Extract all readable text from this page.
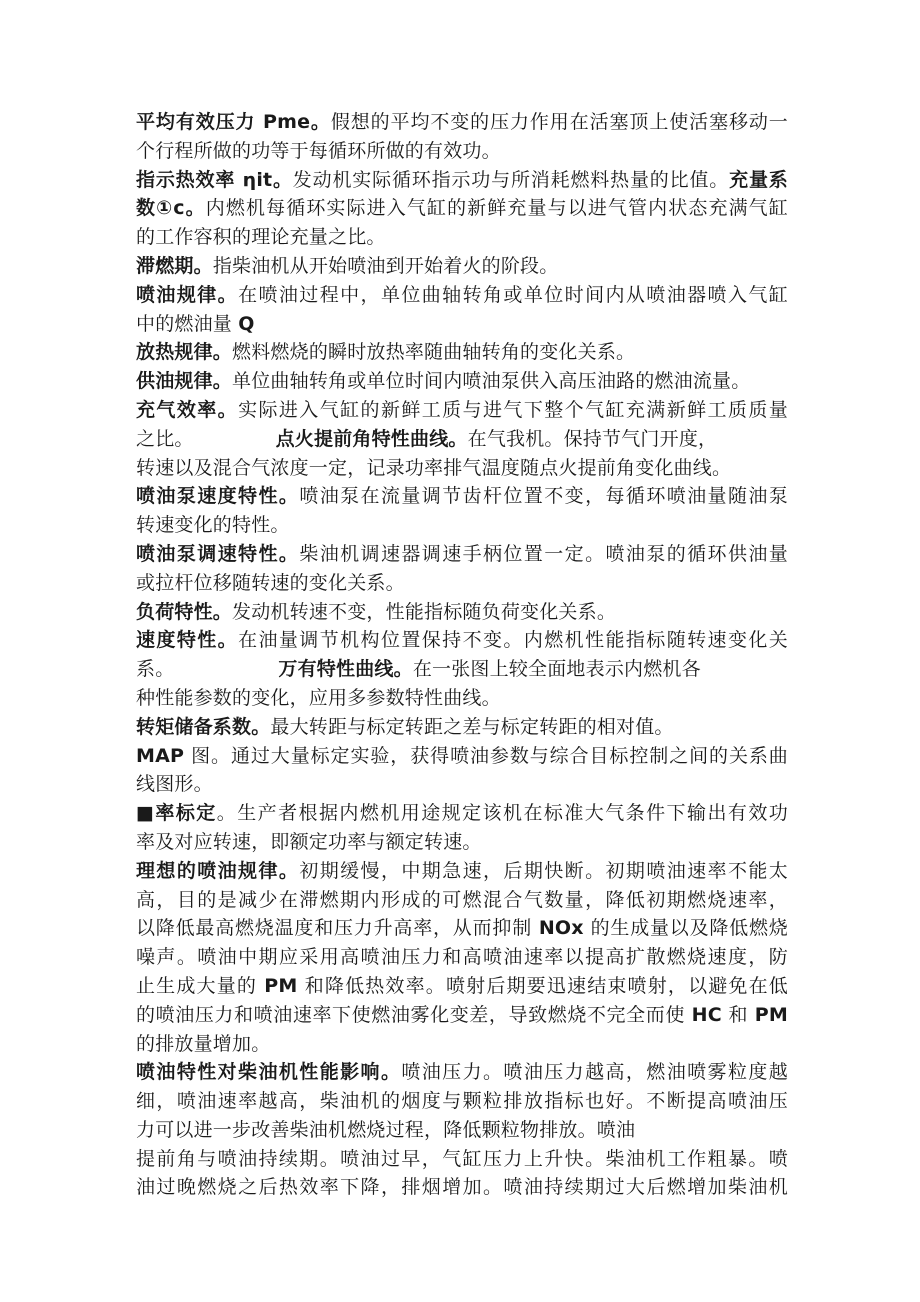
平均有效压力 Pme。假想的平均不变的压力作用在活塞顶上使活塞移动一
个行程所做的功等于每循环所做的有效功。
指示热效率 ηit。发动机实际循环指示功与所消耗燃料热量的比值。充量系
数①c。内燃机每循环实际进入气缸的新鲜充量与以进气管内状态充满气缸
的工作容积的理论充量之比。
滞燃期。指柴油机从开始喷油到开始着火的阶段。
喷油规律。在喷油过程中，单位曲轴转角或单位时间内从喷油器喷入气缸
中的燃油量 Q
放热规律。燃料燃烧的瞬时放热率随曲轴转角的变化关系。
供油规律。单位曲轴转角或单位时间内喷油泵供入高压油路的燃油流量。
充气效率。实际进入气缸的新鲜工质与进气下整个气缸充满新鲜工质质量
之比。	点火提前角特性曲线。在气我机。保持节气门开度，
转速以及混合气浓度一定，记录功率排气温度随点火提前角变化曲线。
喷油泵速度特性。喷油泵在流量调节齿杆位置不变，每循环喷油量随油泵
转速变化的特性。
喷油泵调速特性。柴油机调速器调速手柄位置一定。喷油泵的循环供油量
或拉杆位移随转速的变化关系。
负荷特性。发动机转速不变，性能指标随负荷变化关系。
速度特性。在油量调节机构位置保持不变。内燃机性能指标随转速变化关
系。	万有特性曲线。在一张图上较全面地表示内燃机各
种性能参数的变化，应用多参数特性曲线。
转矩储备系数。最大转距与标定转距之差与标定转距的相对值。
MAP 图。通过大量标定实验，获得喷油参数与综合目标控制之间的关系曲
线图形。
■率标定。生产者根据内燃机用途规定该机在标准大气条件下输出有效功
率及对应转速，即额定功率与额定转速。
理想的喷油规律。初期缓慢，中期急速，后期快断。初期喷油速率不能太
高，目的是减少在滞燃期内形成的可燃混合气数量，降低初期燃烧速率，
以降低最高燃烧温度和压力升高率，从而抑制 NOx 的生成量以及降低燃烧
噪声。喷油中期应采用高喷油压力和高喷油速率以提高扩散燃烧速度，防
止生成大量的 PM 和降低热效率。喷射后期要迅速结束喷射，以避免在低
的喷油压力和喷油速率下使燃油雾化变差，导致燃烧不完全而使 HC 和 PM
的排放量增加。
喷油特性对柴油机性能影响。喷油压力。喷油压力越高，燃油喷雾粒度越
细，喷油速率越高，柴油机的烟度与颗粒排放指标也好。不断提高喷油压
力可以进一步改善柴油机燃烧过程，降低颗粒物排放。喷油
提前角与喷油持续期。喷油过早，气缸压力上升快。柴油机工作粗暴。喷
油过晚燃烧之后热效率下降，排烟增加。喷油持续期过大后燃增加柴油机
